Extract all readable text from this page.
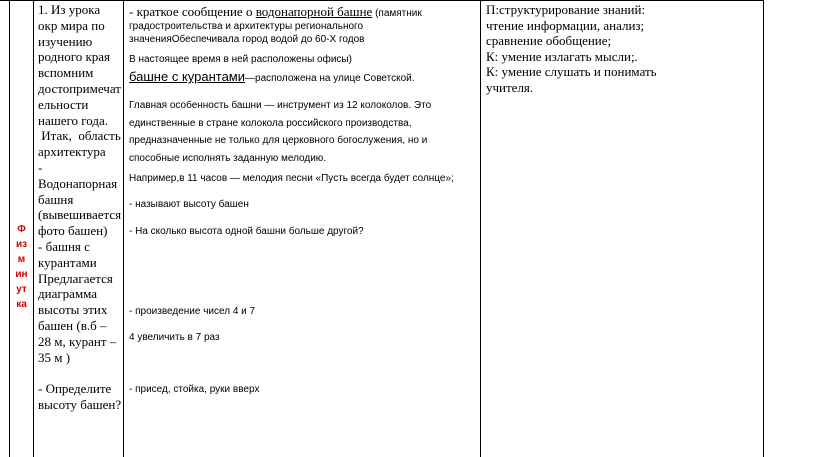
Ф
из
м
ин
ут
ка
1. Из урока
окр мира по
изучению
родного края
вспомним
достопримечат
ельности
нашего года.
Итак,  область
архитектура
-
Водонапорная
башня
(вывешивается
фото башен)
- башня с
курантами
Предлагается
диаграмма
высоты этих
башен (в.б –
28 м, курант –
35 м )
- Определите
высоту башен?
- краткое сообщение о водонапорной башне (памятник градостроительства и архитектуры регионального значенияОбеспечивала город водой до 60-Х годов
В настоящее время в ней расположены офисы)
башне с курантами—расположена на улице Советской.
Главная особенность башни — инструмент из 12 колоколов. Это единственные в стране колокола российского производства, предназначенные не только для церковного богослужения, но и способные исполнять заданную мелодию.
Например,в 11 часов — мелодия песни «Пусть всегда будет солнце»;
- называют высоту башен
- На сколько высота одной башни больше другой?
- произведение чисел 4 и 7
4 увеличить в 7 раз
- присед, стойка, руки вверх
П:структурирование знаний:
чтение информации, анализ;
сравнение обобщение;
К: умение излагать мысли;.
К: умение слушать и понимать
учителя.
